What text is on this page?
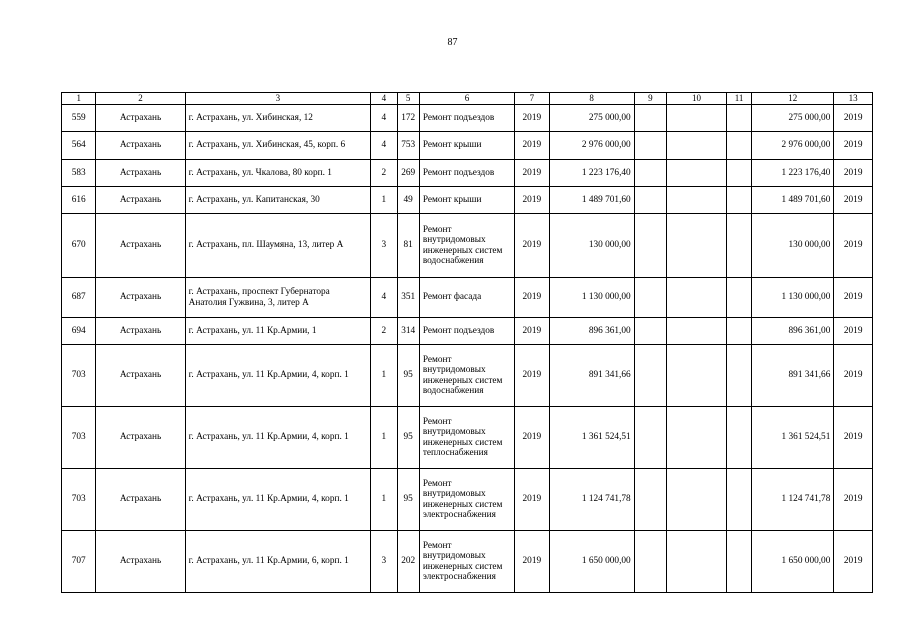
87
1	2	3	4	5	6	7	8	9	10	11	12	13
559	Астрахань	г. Астрахань, ул. Хибинская, 12	4	172	Ремонт подъездов	2019	275 000,00				275 000,00	2019
564	Астрахань	г. Астрахань, ул. Хибинская, 45, корп. 6	4	753	Ремонт крыши	2019	2 976 000,00				2 976 000,00	2019
583	Астрахань	г. Астрахань, ул. Чкалова, 80 корп. 1	2	269	Ремонт подъездов	2019	1 223 176,40				1 223 176,40	2019
616	Астрахань	г. Астрахань, ул. Капитанская, 30	1	49	Ремонт крыши	2019	1 489 701,60				1 489 701,60	2019
670	Астрахань	г. Астрахань, пл. Шаумяна, 13, литер А	3	81	Ремонт внутридомовых инженерных систем водоснабжения	2019	130 000,00				130 000,00	2019
687	Астрахань	г. Астрахань, проспект Губернатора Анатолия Гужвина, 3, литер А	4	351	Ремонт фасада	2019	1 130 000,00				1 130 000,00	2019
694	Астрахань	г. Астрахань, ул. 11 Кр.Армии, 1	2	314	Ремонт подъездов	2019	896 361,00				896 361,00	2019
703	Астрахань	г. Астрахань, ул. 11 Кр.Армии, 4, корп. 1	1	95	Ремонт внутридомовых инженерных систем водоснабжения	2019	891 341,66				891 341,66	2019
703	Астрахань	г. Астрахань, ул. 11 Кр.Армии, 4, корп. 1	1	95	Ремонт внутридомовых инженерных систем теплоснабжения	2019	1 361 524,51				1 361 524,51	2019
703	Астрахань	г. Астрахань, ул. 11 Кр.Армии, 4, корп. 1	1	95	Ремонт внутридомовых инженерных систем электроснабжения	2019	1 124 741,78				1 124 741,78	2019
707	Астрахань	г. Астрахань, ул. 11 Кр.Армии, 6, корп. 1	3	202	Ремонт внутридомовых инженерных систем электроснабжения	2019	1 650 000,00				1 650 000,00	2019
